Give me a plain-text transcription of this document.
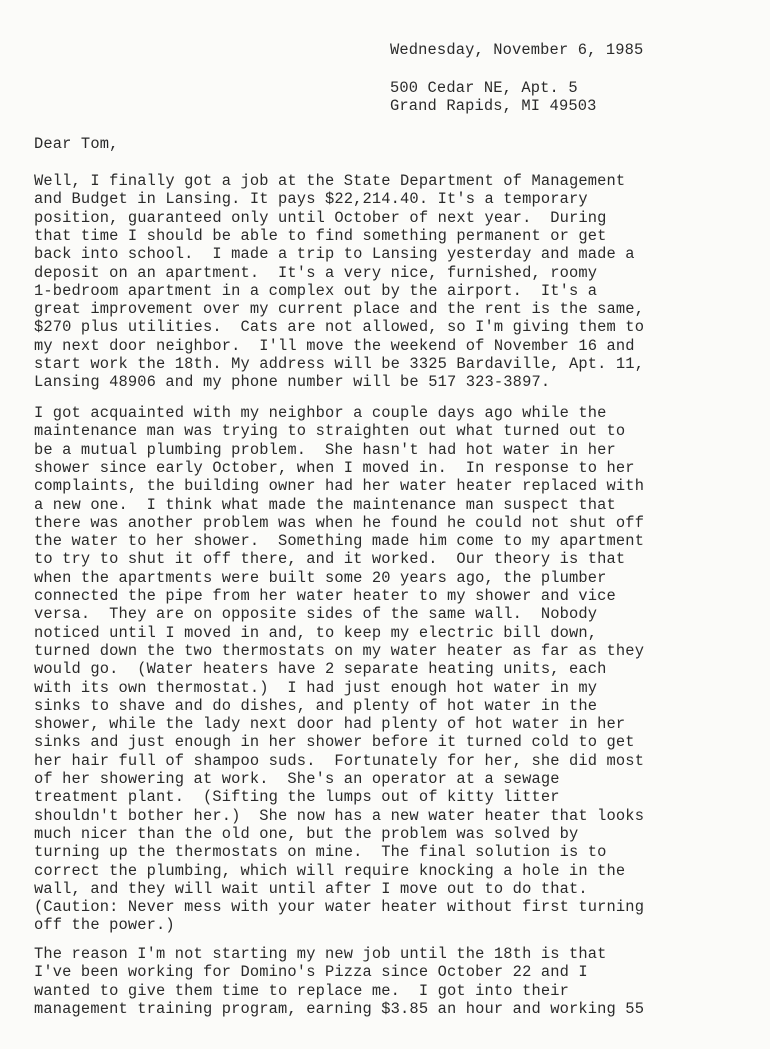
Wednesday, November 6, 1985
500 Cedar NE, Apt. 5
Grand Rapids, MI 49503
Dear Tom,
Well, I finally got a job at the State Department of Management
and Budget in Lansing. It pays $22,214.40. It's a temporary
position, guaranteed only until October of next year.  During
that time I should be able to find something permanent or get
back into school.  I made a trip to Lansing yesterday and made a
deposit on an apartment.  It's a very nice, furnished, roomy
1-bedroom apartment in a complex out by the airport.  It's a
great improvement over my current place and the rent is the same,
$270 plus utilities.  Cats are not allowed, so I'm giving them to
my next door neighbor.  I'll move the weekend of November 16 and
start work the 18th. My address will be 3325 Bardaville, Apt. 11,
Lansing 48906 and my phone number will be 517 323-3897.
I got acquainted with my neighbor a couple days ago while the
maintenance man was trying to straighten out what turned out to
be a mutual plumbing problem.  She hasn't had hot water in her
shower since early October, when I moved in.  In response to her
complaints, the building owner had her water heater replaced with
a new one.  I think what made the maintenance man suspect that
there was another problem was when he found he could not shut off
the water to her shower.  Something made him come to my apartment
to try to shut it off there, and it worked.  Our theory is that
when the apartments were built some 20 years ago, the plumber
connected the pipe from her water heater to my shower and vice
versa.  They are on opposite sides of the same wall.  Nobody
noticed until I moved in and, to keep my electric bill down,
turned down the two thermostats on my water heater as far as they
would go.  (Water heaters have 2 separate heating units, each
with its own thermostat.)  I had just enough hot water in my
sinks to shave and do dishes, and plenty of hot water in the
shower, while the lady next door had plenty of hot water in her
sinks and just enough in her shower before it turned cold to get
her hair full of shampoo suds.  Fortunately for her, she did most
of her showering at work.  She's an operator at a sewage
treatment plant.  (Sifting the lumps out of kitty litter
shouldn't bother her.)  She now has a new water heater that looks
much nicer than the old one, but the problem was solved by
turning up the thermostats on mine.  The final solution is to
correct the plumbing, which will require knocking a hole in the
wall, and they will wait until after I move out to do that.
(Caution: Never mess with your water heater without first turning
off the power.)
The reason I'm not starting my new job until the 18th is that
I've been working for Domino's Pizza since October 22 and I
wanted to give them time to replace me.  I got into their
management training program, earning $3.85 an hour and working 55
